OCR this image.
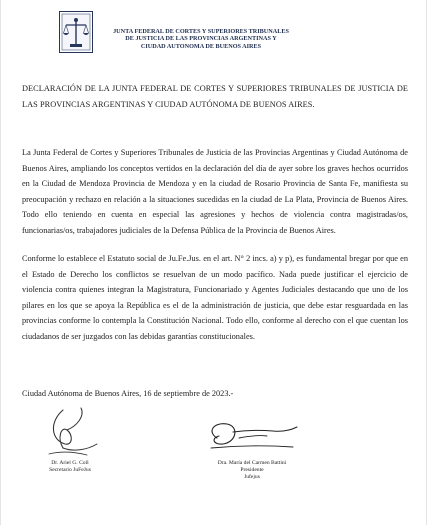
JUNTA FEDERAL DE CORTES Y SUPERIORES TRIBUNALES
DE JUSTICIA DE LAS PROVINCIAS ARGENTINAS Y
CIUDAD AUTONOMA DE BUENOS AIRES
DECLARACIÓN DE LA JUNTA FEDERAL DE CORTES Y SUPERIORES TRIBUNALES DE JUSTICIA DE LAS PROVINCIAS ARGENTINAS Y CIUDAD AUTÓNOMA DE BUENOS AIRES.
La Junta Federal de Cortes y Superiores Tribunales de Justicia de las Provincias Argentinas y Ciudad Autónoma de Buenos Aires, ampliando los conceptos vertidos en la declaración del día de ayer sobre los graves hechos ocurridos en la Ciudad de Mendoza Provincia de Mendoza y en la ciudad de Rosario Provincia de Santa Fe, manifiesta su preocupación y rechazo en relación a la situaciones sucedidas en la ciudad de La Plata, Provincia de Buenos Aires. Todo ello teniendo en cuenta en especial las agresiones y hechos de violencia contra magistradas/os, funcionarias/os, trabajadores judiciales de la Defensa Pública de la Provincia de Buenos Aires.
Conforme lo establece el Estatuto social de Ju.Fe.Jus. en el art. N° 2 incs. a) y p), es fundamental bregar por que en el Estado de Derecho los conflictos se resuelvan de un modo pacífico. Nada puede justificar el ejercicio de violencia contra quienes integran la Magistratura, Funcionariado y Agentes Judiciales destacando que uno de los pilares en los que se apoya la República es el de la administración de justicia, que debe estar resguardada en las provincias conforme lo contempla la Constitución Nacional. Todo ello, conforme al derecho con el que cuentan los ciudadanos de ser juzgados con las debidas garantías constitucionales.
Ciudad Autónoma de Buenos Aires, 16 de septiembre de 2023.-
Dr. Ariel G. Coll
Secretario JuFeJus
Dra. María del Carmen Battini
Presidente
Jufejus
